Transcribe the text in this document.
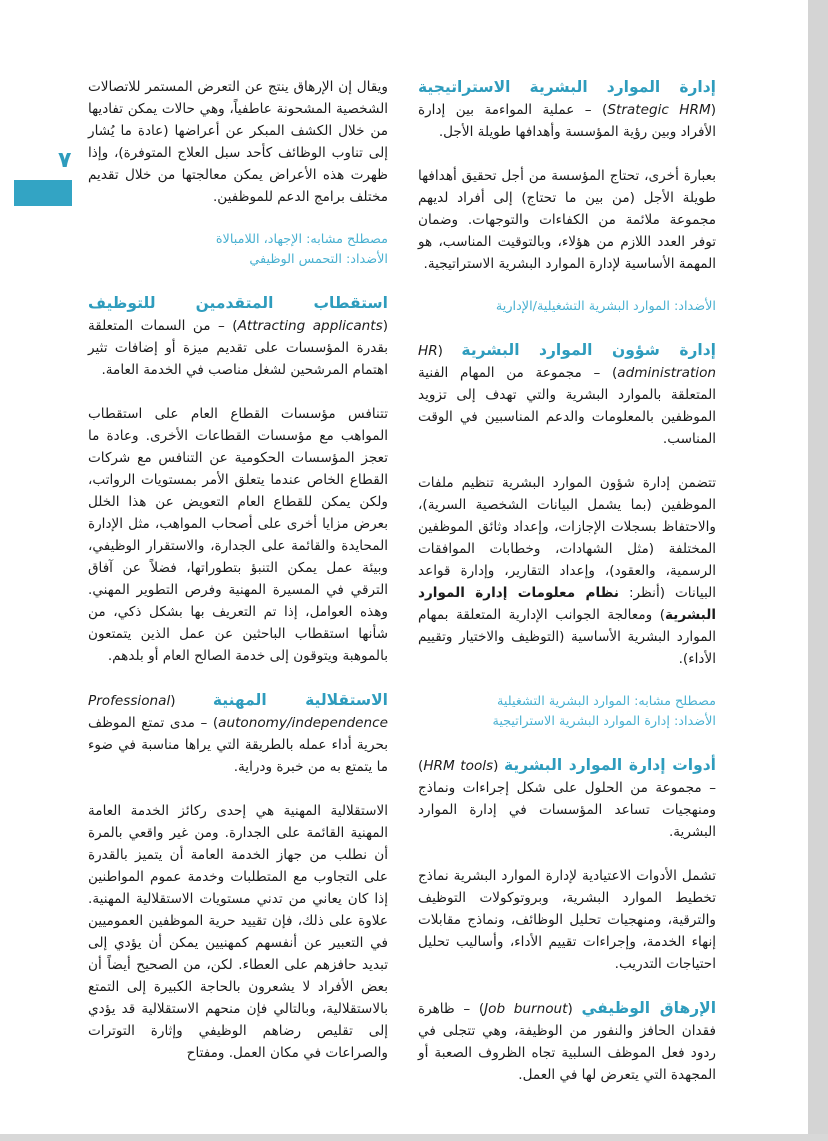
٧

إدارة الموارد البشرية الاستراتيجية (Strategic HRM) – عملية المواءمة بين إدارة الأفراد وبين رؤية المؤسسة وأهدافها طويلة الأجل.

بعبارة أخرى، تحتاج المؤسسة من أجل تحقيق أهدافها طويلة الأجل (من بين ما تحتاج) إلى أفراد لديهم مجموعة ملائمة من الكفاءات والتوجهات. وضمان توفر العدد اللازم من هؤلاء، وبالتوقيت المناسب، هو المهمة الأساسية لإدارة الموارد البشرية الاستراتيجية.

الأضداد: الموارد البشرية التشغيلية/الإدارية

إدارة شؤون الموارد البشرية (HR administration) – مجموعة من المهام الفنية المتعلقة بالموارد البشرية والتي تهدف إلى تزويد الموظفين بالمعلومات والدعم المناسبين في الوقت المناسب.

تتضمن إدارة شؤون الموارد البشرية تنظيم ملفات الموظفين (بما يشمل البيانات الشخصية السرية)، والاحتفاظ بسجلات الإجازات، وإعداد وثائق الموظفين المختلفة (مثل الشهادات، وخطابات الموافقات الرسمية، والعقود)، وإعداد التقارير، وإدارة قواعد البيانات (أنظر: نظام معلومات إدارة الموارد البشرية) ومعالجة الجوانب الإدارية المتعلقة بمهام الموارد البشرية الأساسية (التوظيف والاختيار وتقييم الأداء).

مصطلح مشابه: الموارد البشرية التشغيلية
الأضداد: إدارة الموارد البشرية الاستراتيجية

أدوات إدارة الموارد البشرية (HRM tools) – مجموعة من الحلول على شكل إجراءات ونماذج ومنهجيات تساعد المؤسسات في إدارة الموارد البشرية.

تشمل الأدوات الاعتيادية لإدارة الموارد البشرية نماذج تخطيط الموارد البشرية، وبروتوكولات التوظيف والترقية، ومنهجيات تحليل الوظائف، ونماذج مقابلات إنهاء الخدمة، وإجراءات تقييم الأداء، وأساليب تحليل احتياجات التدريب.

الإرهاق الوظيفي (Job burnout) – ظاهرة فقدان الحافز والنفور من الوظيفة، وهي تتجلى في ردود فعل الموظف السلبية تجاه الظروف الصعبة أو المجهدة التي يتعرض لها في العمل.

ويقال إن الإرهاق ينتج عن التعرض المستمر للاتصالات الشخصية المشحونة عاطفياً، وهي حالات يمكن تفاديها من خلال الكشف المبكر عن أعراضها (عادة ما يُشار إلى تناوب الوظائف كأحد سبل العلاج المتوفرة)، وإذا ظهرت هذه الأعراض يمكن معالجتها من خلال تقديم مختلف برامج الدعم للموظفين.

مصطلح مشابه: الإجهاد، اللامبالاة
الأضداد: التحمس الوظيفي

استقطاب المتقدمين للتوظيف (Attracting applicants) – من السمات المتعلقة بقدرة المؤسسات على تقديم ميزة أو إضافات تثير اهتمام المرشحين لشغل مناصب في الخدمة العامة.

تتنافس مؤسسات القطاع العام على استقطاب المواهب مع مؤسسات القطاعات الأخرى. وعادة ما تعجز المؤسسات الحكومية عن التنافس مع شركات القطاع الخاص عندما يتعلق الأمر بمستويات الرواتب، ولكن يمكن للقطاع العام التعويض عن هذا الخلل بعرض مزايا أخرى على أصحاب المواهب، مثل الإدارة المحايدة والقائمة على الجدارة، والاستقرار الوظيفي، وبيئة عمل يمكن التنبؤ بتطوراتها، فضلاً عن آفاق الترقي في المسيرة المهنية وفرص التطوير المهني. وهذه العوامل، إذا تم التعريف بها بشكل ذكي، من شأنها استقطاب الباحثين عن عمل الذين يتمتعون بالموهبة ويتوقون إلى خدمة الصالح العام أو بلدهم.

الاستقلالية المهنية (Professional autonomy/independence) – مدى تمتع الموظف بحرية أداء عمله بالطريقة التي يراها مناسبة في ضوء ما يتمتع به من خبرة ودراية.

الاستقلالية المهنية هي إحدى ركائز الخدمة العامة المهنية القائمة على الجدارة. ومن غير واقعي بالمرة أن نطلب من جهاز الخدمة العامة أن يتميز بالقدرة على التجاوب مع المتطلبات وخدمة عموم المواطنين إذا كان يعاني من تدني مستويات الاستقلالية المهنية. علاوة على ذلك، فإن تقييد حرية الموظفين العموميين في التعبير عن أنفسهم كمهنيين يمكن أن يؤدي إلى تبديد حافزهم على العطاء. لكن، من الصحيح أيضاً أن بعض الأفراد لا يشعرون بالحاجة الكبيرة إلى التمتع بالاستقلالية، وبالتالي فإن منحهم الاستقلالية قد يؤدي إلى تقليص رضاهم الوظيفي وإثارة التوترات والصراعات في مكان العمل. ومفتاح
